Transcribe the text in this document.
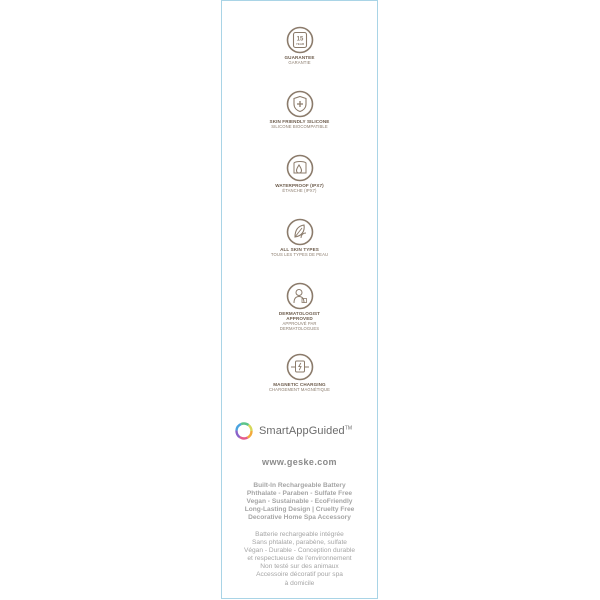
15
YEAR
GUARANTEE
GARANTIE
SKIN FRIENDLY SILICONE
SILICONE BIOCOMPATIBLE
WATERPROOF (IPX7)
ÉTANCHE (IPX7)
ALL SKIN TYPES
TOUS LES TYPES DE PEAU
DERMATOLOGIST
APPROVED
APPROUVÉ PAR
DERMATOLOGUES
MAGNETIC CHARGING
CHARGEMENT MAGNÉTIQUE
SmartAppGuided™
www.geske.com
Built-In Rechargeable Battery
Phthalate - Paraben - Sulfate Free
Vegan - Sustainable - EcoFriendly
Long-Lasting Design | Cruelty Free
Decorative Home Spa Accessory
Batterie rechargeable intégrée
Sans phtalate, parabène, sulfate
Végan - Durable - Conception durable
et respectueuse de l'environnement
Non testé sur des animaux
Accessoire décoratif pour spa
à domicile
